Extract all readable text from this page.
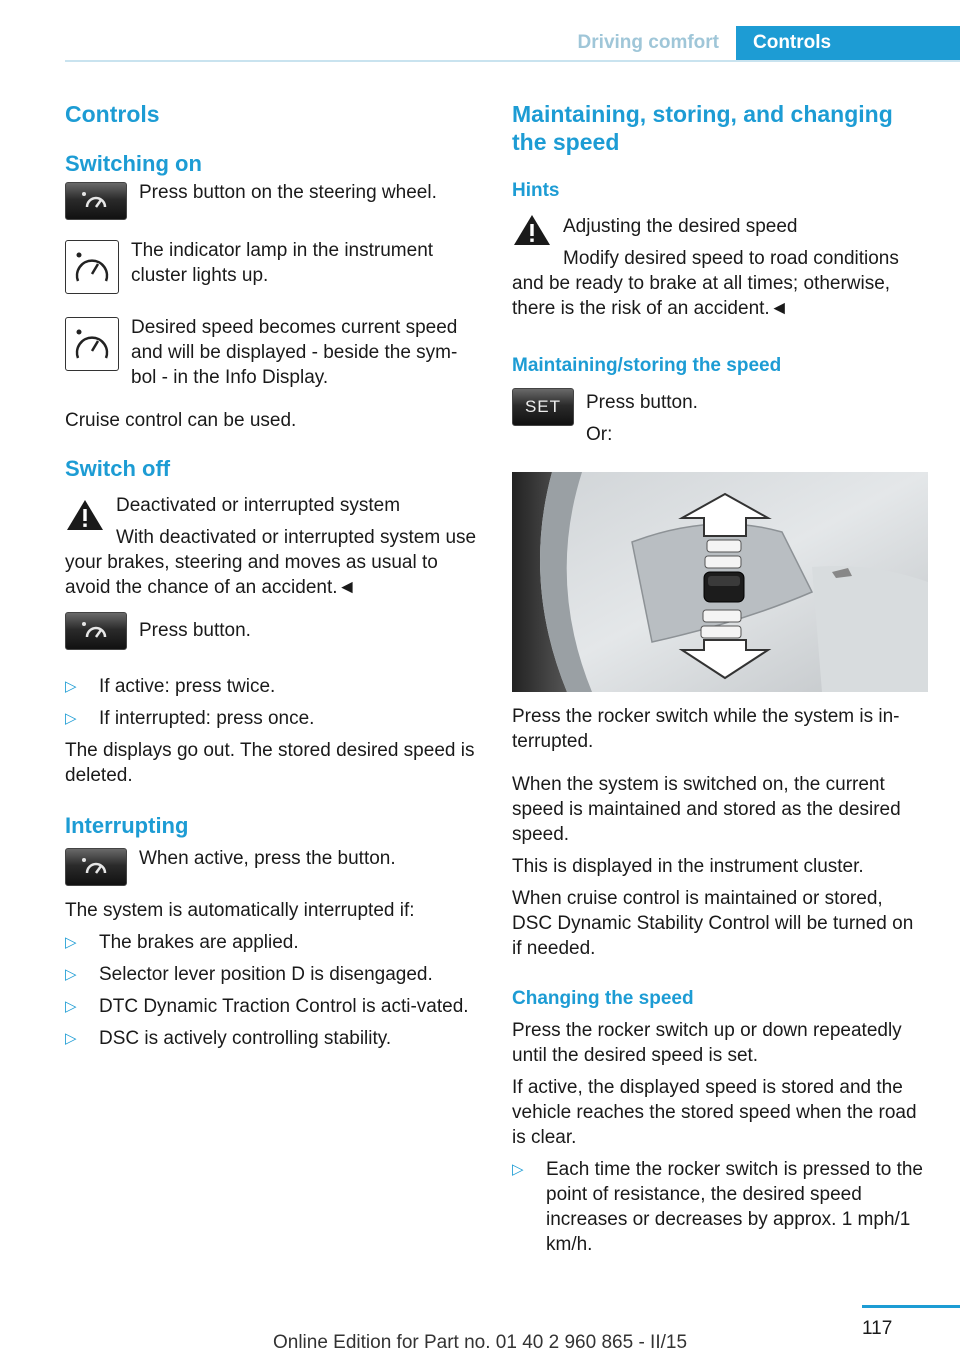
Driving comfort	Controls
Controls
Switching on

Press button on the steering wheel.

The indicator lamp in the instrument cluster lights up.

Desired speed becomes current speed and will be displayed - beside the sym-bol - in the Info Display.

Cruise control can be used.

Switch off

Deactivated or interrupted system

With deactivated or interrupted system use your brakes, steering and moves as usual to avoid the chance of an accident.◄

Press button.

▷ If active: press twice.
▷ If interrupted: press once.

The displays go out. The stored desired speed is deleted.

Interrupting

When active, press the button.

The system is automatically interrupted if:

▷ The brakes are applied.
▷ Selector lever position D is disengaged.
▷ DTC Dynamic Traction Control is acti-vated.
▷ DSC is actively controlling stability.
Maintaining, storing, and changing the speed
Hints

Adjusting the desired speed

Modify desired speed to road conditions and be ready to brake at all times; otherwise, there is the risk of an accident.◄

Maintaining/storing the speed
SET	Press button.

Or:

Press the rocker switch while the system is in-terrupted.

When the system is switched on, the current speed is maintained and stored as the desired speed.

This is displayed in the instrument cluster.

When cruise control is maintained or stored, DSC Dynamic Stability Control will be turned on if needed.

Changing the speed

Press the rocker switch up or down repeatedly until the desired speed is set.

If active, the displayed speed is stored and the vehicle reaches the stored speed when the road is clear.

▷ Each time the rocker switch is pressed to the point of resistance, the desired speed increases or decreases by approx. 1 mph/1 km/h.
117
Online Edition for Part no. 01 40 2 960 865 - II/15
